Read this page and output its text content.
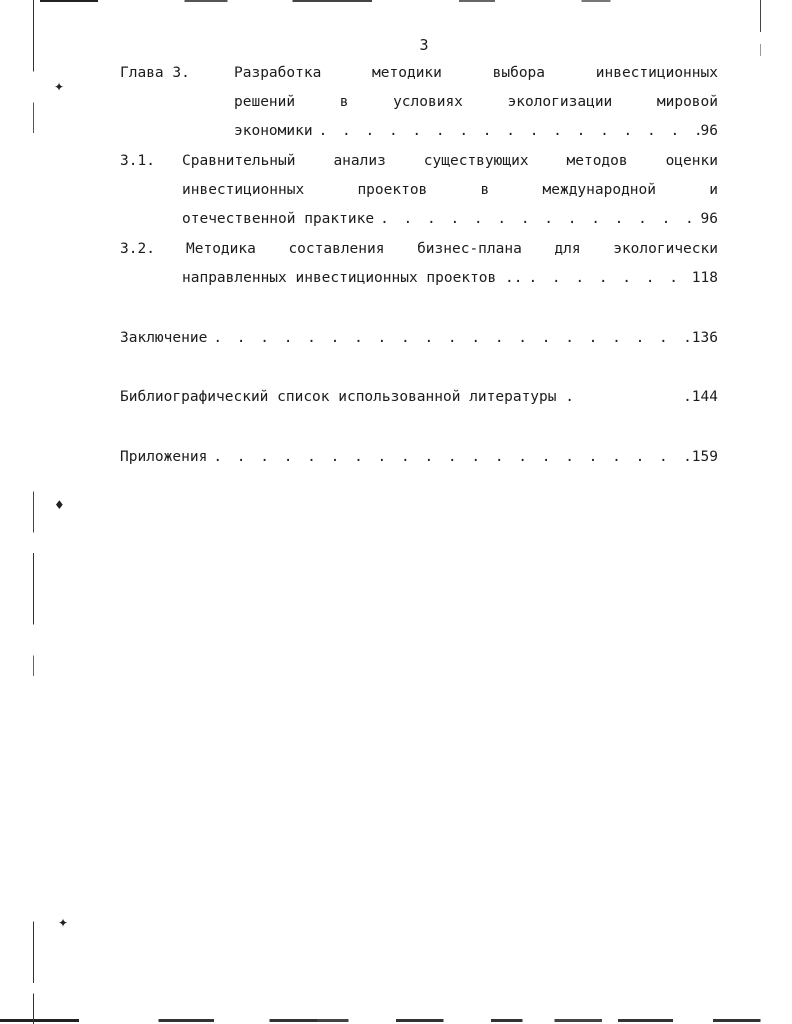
✦
♦
✦
3
Глава 3.	Разработка	методики	выбора	инвестиционных
решений	в	условиях	экологизации	мировой
экономики . . .	96
3.1.	Сравнительный	анализ	существующих	методов	оценки
инвестиционных	проектов	в	международной	и
отечественной практике . . .	96
3.2.	Методика составления бизнес-плана для экологически
направленных инвестиционных проектов .. . . .	118
Заключение . . .	.136
Библиографический список использованной литературы .	.144
Приложения . . .	.159
